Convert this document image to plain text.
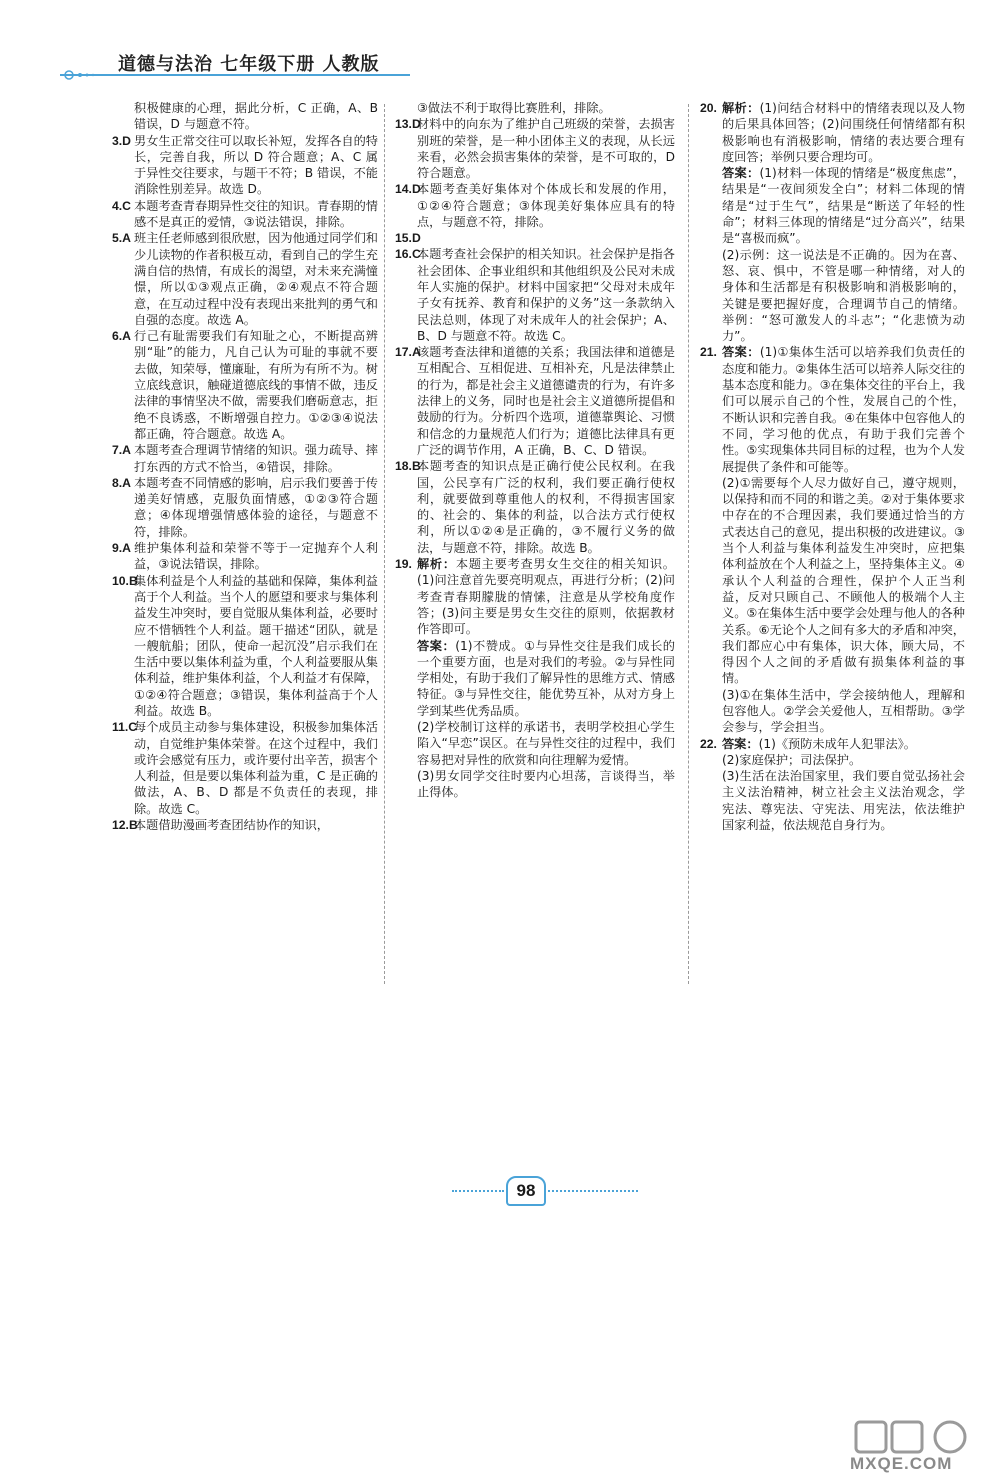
道德与法治 七年级下册 人教版
积极健康的心理，据此分析，C 正确，A、B 错误，D 与题意不符。
3.D 男女生正常交往可以取长补短，发挥各自的特长，完善自我，所以 D 符合题意；A、C 属于异性交往要求，与题干不符；B 错误，不能消除性别差异。故选 D。
4.C 本题考查青春期异性交往的知识。青春期的情感不是真正的爱情，③说法错误，排除。
5.A 班主任老师感到很欣慰，因为他通过同学们和少儿读物的作者积极互动，看到自己的学生充满自信的热情，有成长的渴望，对未来充满憧憬，所以①③观点正确，②④观点不符合题意，在互动过程中没有表现出来批判的勇气和自强的态度。故选 A。
6.A 行己有耻需要我们有知耻之心，不断提高辨别“耻”的能力，凡自己认为可耻的事就不要去做，知荣辱，懂廉耻，有所为有所不为。树立底线意识，触碰道德底线的事情不做，违反法律的事情坚决不做，需要我们磨砺意志，拒绝不良诱惑，不断增强自控力。①②③④说法都正确，符合题意。故选 A。
7.A 本题考查合理调节情绪的知识。强力疏导、摔打东西的方式不恰当，④错误，排除。
8.A 本题考查不同情感的影响，启示我们要善于传递美好情感，克服负面情感，①②③符合题意；④体现增强情感体验的途径，与题意不符，排除。
9.A 维护集体利益和荣誉不等于一定抛弃个人利益，③说法错误，排除。
10.B
集体利益是个人利益的基础和保障，集体利益高于个人利益。当个人的愿望和要求与集体利益发生冲突时，要自觉服从集体利益，必要时应不惜牺牲个人利益。题干描述“团队，就是一艘航船；团队，使命一起沉没”启示我们在生活中要以集体利益为重，个人利益要服从集体利益，维护集体利益，个人利益才有保障，①②④符合题意；③错误，集体利益高于个人利益。故选 B。
11.C
每个成员主动参与集体建设，积极参加集体活动，自觉维护集体荣誉。在这个过程中，我们或许会感觉有压力，或许要付出辛苦，损害个人利益，但是要以集体利益为重，C 是正确的做法，A、B、D 都是不负责任的表现，排除。故选 C。
12.B
本题借助漫画考查团结协作的知识，
③做法不利于取得比赛胜利，排除。
13.D
材料中的向东为了维护自己班级的荣誉，去损害别班的荣誉，是一种小团体主义的表现，从长远来看，必然会损害集体的荣誉，是不可取的，D 符合题意。
14.D
本题考查美好集体对个体成长和发展的作用，①②④符合题意；③体现美好集体应具有的特点，与题意不符，排除。
15.D
16.C
本题考查社会保护的相关知识。社会保护是指各社会团体、企事业组织和其他组织及公民对未成年人实施的保护。材料中国家把“父母对未成年子女有抚养、教育和保护的义务”这一条款纳入民法总则，体现了对未成年人的社会保护；A、B、D 与题意不符。故选 C。
17.A
该题考查法律和道德的关系；我国法律和道德是互相配合、互相促进、互相补充，凡是法律禁止的行为，都是社会主义道德谴责的行为，有许多法律上的义务，同时也是社会主义道德所提倡和鼓励的行为。分析四个选项，道德靠舆论、习惯和信念的力量规范人们行为；道德比法律具有更广泛的调节作用，A 正确，B、C、D 错误。
18.B
本题考查的知识点是正确行使公民权利。在我国，公民享有广泛的权利，我们要正确行使权利，就要做到尊重他人的权利，不得损害国家的、社会的、集体的利益，以合法方式行使权利，所以①②④是正确的，③不履行义务的做法，与题意不符，排除。故选 B。
19. 解析：本题主要考查男女生交往的相关知识。(1)问注意首先要亮明观点，再进行分析；(2)问考查青春期朦胧的情愫，注意是从学校角度作答；(3)问主要是男女生交往的原则，依据教材作答即可。
答案：(1)不赞成。①与异性交往是我们成长的一个重要方面，也是对我们的考验。②与异性同学相处，有助于我们了解异性的思维方式、情感特征。③与异性交往，能优势互补，从对方身上学到某些优秀品质。
(2)学校制订这样的承诺书，表明学校担心学生陷入“早恋”误区。在与异性交往的过程中，我们容易把对异性的欣赏和向往理解为爱情。
(3)男女同学交往时要内心坦荡，言谈得当，举止得体。
20. 解析：(1)问结合材料中的情绪表现以及人物的后果具体回答；(2)问围绕任何情绪都有积极影响也有消极影响，情绪的表达要合理有度回答；举例只要合理均可。
答案：(1)材料一体现的情绪是“极度焦虑”，结果是“一夜间须发全白”；材料二体现的情绪是“过于生气”，结果是“断送了年轻的性命”；材料三体现的情绪是“过分高兴”，结果是“喜极而疯”。
(2)示例：这一说法是不正确的。因为在喜、怒、哀、惧中，不管是哪一种情绪，对人的身体和生活都是有积极影响和消极影响的，关键是要把握好度，合理调节自己的情绪。举例：“怒可激发人的斗志”；“化悲愤为动力”。
21. 答案：(1)①集体生活可以培养我们负责任的态度和能力。②集体生活可以培养人际交往的基本态度和能力。③在集体交往的平台上，我们可以展示自己的个性，发展自己的个性，不断认识和完善自我。④在集体中包容他人的不同，学习他的优点，有助于我们完善个性。⑤实现集体共同目标的过程，也为个人发展提供了条件和可能等。
(2)①需要每个人尽力做好自己，遵守规则，以保持和而不同的和谐之美。②对于集体要求中存在的不合理因素，我们要通过恰当的方式表达自己的意见，提出积极的改进建议。③当个人利益与集体利益发生冲突时，应把集体利益放在个人利益之上，坚持集体主义。④承认个人利益的合理性，保护个人正当利益，反对只顾自己、不顾他人的极端个人主义。⑤在集体生活中要学会处理与他人的各种关系。⑥无论个人之间有多大的矛盾和冲突，我们都应心中有集体，识大体，顾大局，不得因个人之间的矛盾做有损集体利益的事情。
(3)①在集体生活中，学会接纳他人，理解和包容他人。②学会关爱他人，互相帮助。③学会参与，学会担当。
22. 答案：(1)《预防未成年人犯罪法》。
(2)家庭保护；司法保护。
(3)生活在法治国家里，我们要自觉弘扬社会主义法治精神，树立社会主义法治观念，学宪法、尊宪法、守宪法、用宪法，依法维护国家利益，依法规范自身行为。
98
MXQE.COM
